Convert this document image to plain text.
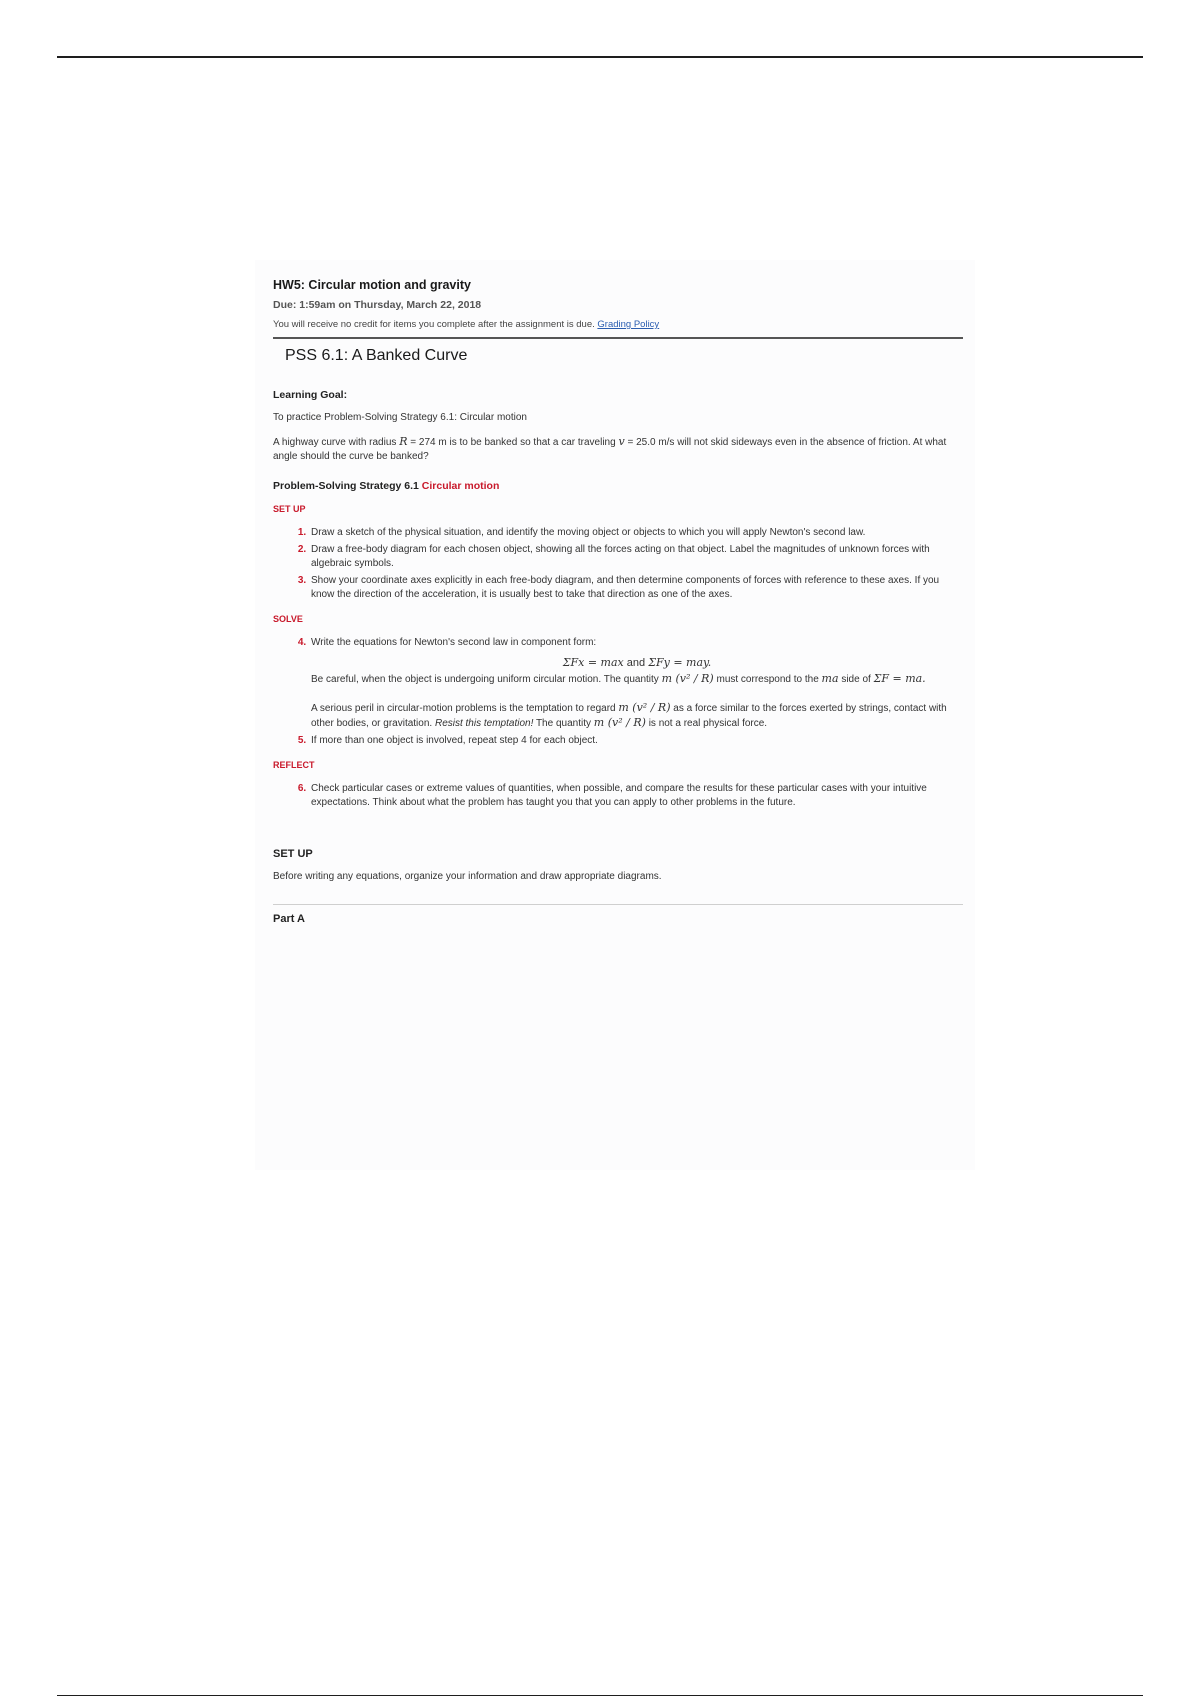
HW5: Circular motion and gravity
Due: 1:59am on Thursday, March 22, 2018
You will receive no credit for items you complete after the assignment is due. Grading Policy
PSS 6.1: A Banked Curve
Learning Goal:
To practice Problem-Solving Strategy 6.1: Circular motion
A highway curve with radius R = 274 m is to be banked so that a car traveling v = 25.0 m/s will not skid sideways even in the absence of friction. At what angle should the curve be banked?
Problem-Solving Strategy 6.1 Circular motion
SET UP
1. Draw a sketch of the physical situation, and identify the moving object or objects to which you will apply Newton's second law.
2. Draw a free-body diagram for each chosen object, showing all the forces acting on that object. Label the magnitudes of unknown forces with algebraic symbols.
3. Show your coordinate axes explicitly in each free-body diagram, and then determine components of forces with reference to these axes. If you know the direction of the acceleration, it is usually best to take that direction as one of the axes.
SOLVE
4. Write the equations for Newton's second law in component form:
ΣFx = max and ΣFy = may.
Be careful, when the object is undergoing uniform circular motion. The quantity m (v² / R) must correspond to the ma side of ΣF = ma.
A serious peril in circular-motion problems is the temptation to regard m (v² / R) as a force similar to the forces exerted by strings, contact with other bodies, or gravitation. Resist this temptation! The quantity m (v² / R) is not a real physical force.
5. If more than one object is involved, repeat step 4 for each object.
REFLECT
6. Check particular cases or extreme values of quantities, when possible, and compare the results for these particular cases with your intuitive expectations. Think about what the problem has taught you that you can apply to other problems in the future.
SET UP
Before writing any equations, organize your information and draw appropriate diagrams.
Part A
